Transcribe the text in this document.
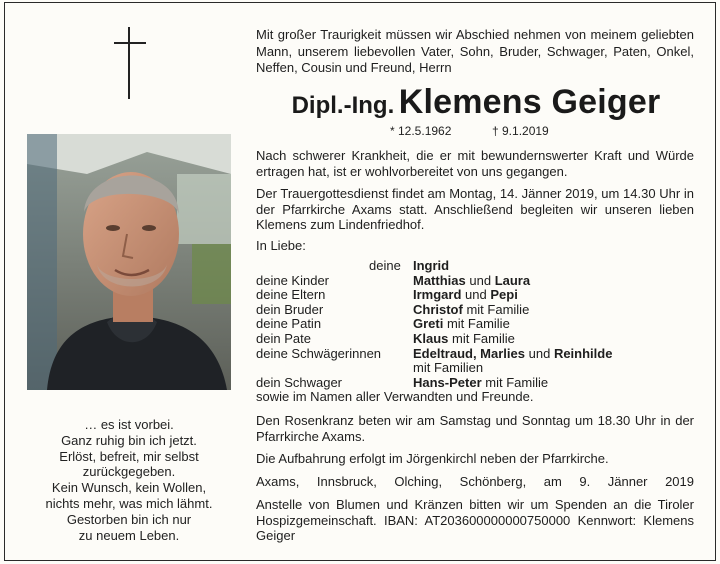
… es ist vorbei.
Ganz ruhig bin ich jetzt.
Erlöst, befreit, mir selbst
zurückgegeben.
Kein Wunsch, kein Wollen,
nichts mehr, was mich lähmt.
Gestorben bin ich nur
zu neuem Leben.
Mit großer Traurigkeit müssen wir Abschied nehmen von meinem geliebten Mann, unserem liebevollen Vater, Sohn, Bruder, Schwager, Paten, Onkel, Neffen, Cousin und Freund, Herrn
Dipl.-Ing. Klemens Geiger
* 12.5.1962	† 9.1.2019
Nach schwerer Krankheit, die er mit bewundernswerter Kraft und Würde ertragen hat, ist er wohlvorbereitet von uns gegangen.
Der Trauergottesdienst findet am Montag, 14. Jänner 2019, um 14.30 Uhr in der Pfarrkirche Axams statt. Anschließend begleiten wir unseren lieben Klemens zum Lindenfriedhof.
In Liebe:
deine Ingrid
deine Kinder	Matthias und Laura
deine Eltern	Irmgard und Pepi
dein Bruder	Christof mit Familie
deine Patin	Greti mit Familie
dein Pate	Klaus mit Familie
deine Schwägerinnen Edeltraud, Marlies und Reinhilde
mit Familien
dein Schwager	Hans-Peter mit Familie
sowie im Namen aller Verwandten und Freunde.
Den Rosenkranz beten wir am Samstag und Sonntag um 18.30 Uhr in der Pfarrkirche Axams.
Die Aufbahrung erfolgt im Jörgenkirchl neben der Pfarrkirche.
Axams, Innsbruck, Olching, Schönberg, am 9. Jänner 2019
Anstelle von Blumen und Kränzen bitten wir um Spenden an die Tiroler Hospizgemeinschaft. IBAN: AT203600000000750000 Kennwort: Klemens Geiger
